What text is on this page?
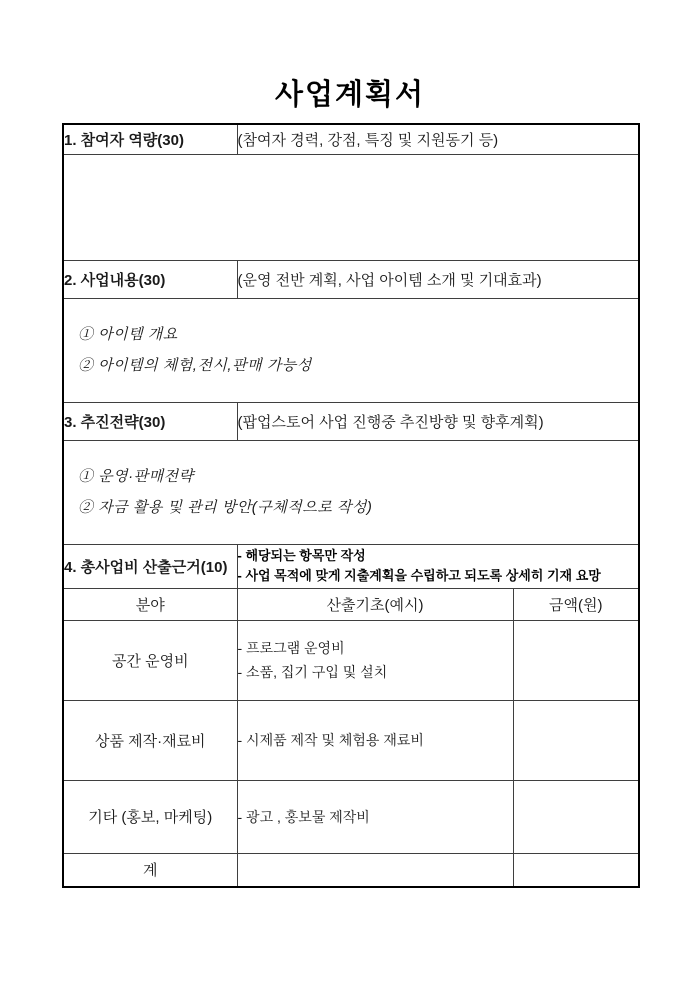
사업계획서
1. 참여자 역량(30)	(참여자 경력, 강점, 특징 및 지원동기 등)	

2. 사업내용(30)	(운영 전반 계획, 사업 아이템 소개 및 기대효과)	

① 아이템 개요
② 아이템의 체험,전시,판매 가능성		

3. 추진전략(30)	(팝업스토어 사업 진행중 추진방향 및 향후계획)	

① 운영·판매전략
② 자금 활용 및 관리 방안(구체적으로 작성)		

4. 총사업비 산출근거(10)	- 해당되는 항목만 작성
- 사업 목적에 맞게 지출계획을 수립하고 되도록 상세히 기재 요망	

분야	산출기초(예시)	금액(원)
공간 운영비	- 프로그램 운영비
- 소품, 집기 구입 및 설치	

상품 제작·재료비	- 시제품 제작 및 체험용 재료비	

기타 (홍보, 마케팅)	- 광고 , 홍보물 제작비	

계		
